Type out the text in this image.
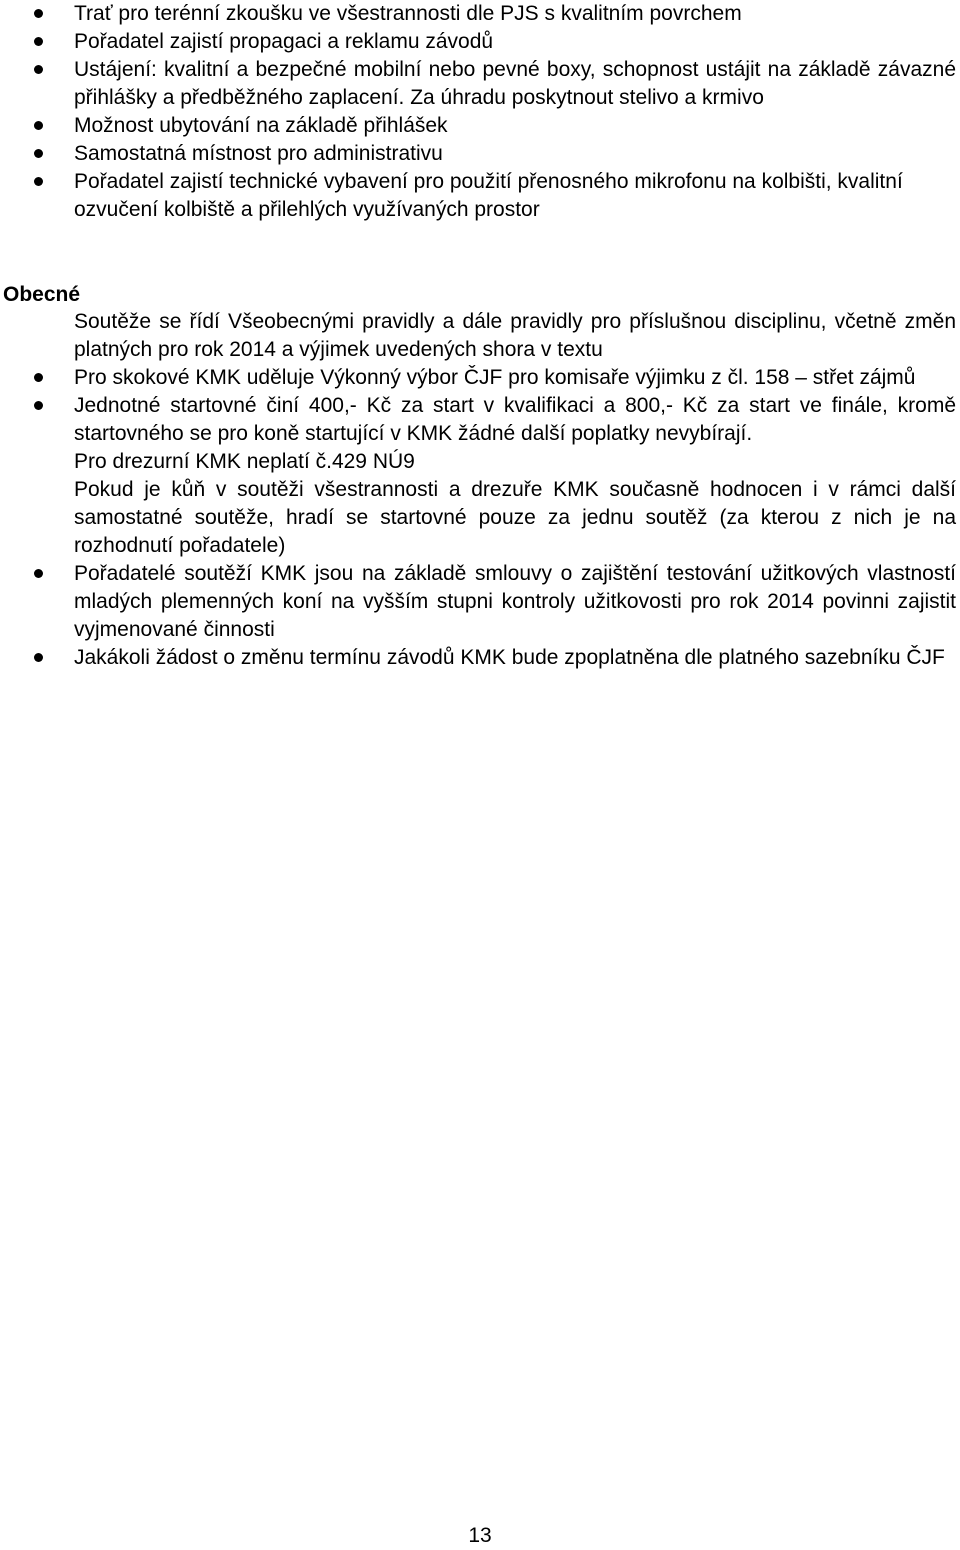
Trať pro terénní zkoušku ve všestrannosti dle PJS s kvalitním povrchem
Pořadatel zajistí propagaci a reklamu závodů
Ustájení: kvalitní a bezpečné mobilní nebo pevné boxy, schopnost ustájit na základě závazné přihlášky a předběžného zaplacení. Za úhradu poskytnout stelivo a krmivo
Možnost ubytování na základě přihlášek
Samostatná místnost pro administrativu
Pořadatel zajistí technické vybavení pro použití přenosného mikrofonu na kolbišti, kvalitní ozvučení kolbiště a přilehlých využívaných prostor
Obecné
Soutěže se řídí Všeobecnými pravidly a dále pravidly pro příslušnou disciplinu, včetně změn platných pro rok 2014 a výjimek uvedených shora v textu
Pro skokové KMK uděluje Výkonný výbor ČJF pro komisaře výjimku z čl. 158 – střet zájmů
Jednotné startovné činí 400,- Kč za start v kvalifikaci a 800,- Kč za start ve finále, kromě startovného se pro koně startující v KMK žádné další poplatky nevybírají.
Pro drezurní KMK neplatí č.429 NÚ9
Pokud je kůň v soutěži všestrannosti a drezuře KMK současně hodnocen i v rámci další samostatné soutěže, hradí se startovné pouze za jednu soutěž (za kterou z nich je na rozhodnutí pořadatele)
Pořadatelé soutěží KMK jsou na základě smlouvy o zajištění testování užitkových vlastností mladých plemenných koní na vyšším stupni kontroly užitkovosti pro rok 2014 povinni zajistit vyjmenované činnosti
Jakákoli žádost o změnu termínu závodů KMK bude zpoplatněna dle platného sazebníku ČJF
13
